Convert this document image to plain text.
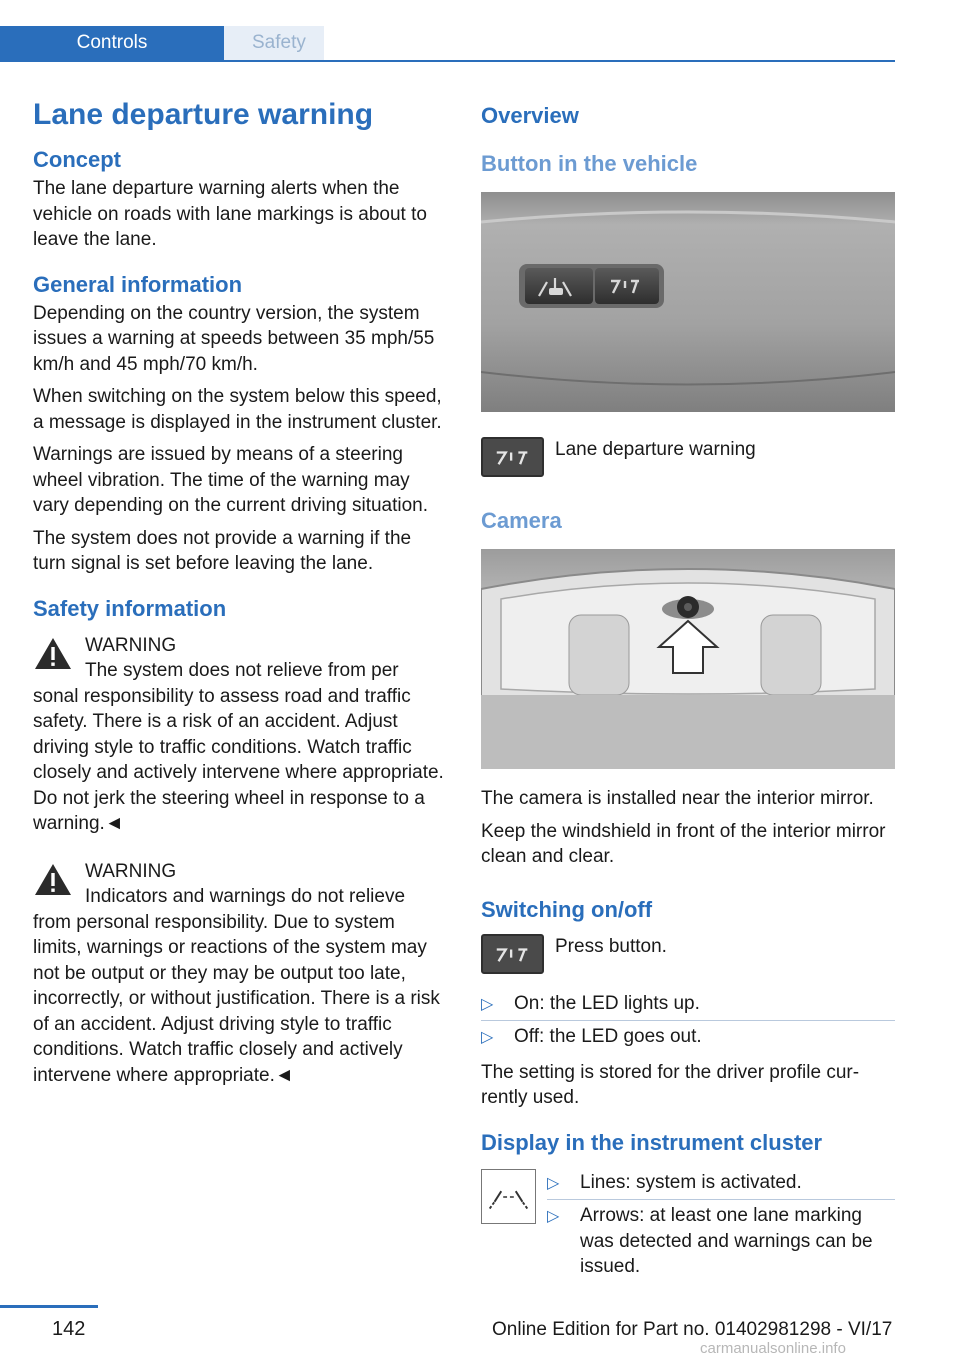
Controls	Safety
Lane departure warning
Concept

The lane departure warning alerts when the vehicle on roads with lane markings is about to leave the lane.

General information

Depending on the country version, the system issues a warning at speeds between 35 mph/55 km/h and 45 mph/70 km/h.

When switching on the system below this speed, a message is displayed in the instrument cluster.

Warnings are issued by means of a steering wheel vibration. The time of the warning may vary depending on the current driving situation.

The system does not provide a warning if the turn signal is set before leaving the lane.

Safety information
WARNING
The system does not relieve from per
sonal responsibility to assess road and traffic safety. There is a risk of an accident. Adjust driving style to traffic conditions. Watch traffic closely and actively intervene where appropriate. Do not jerk the steering wheel in response to a warning.◄
WARNING
Indicators and warnings do not relieve
from personal responsibility. Due to system limits, warnings or reactions of the system may not be output or they may be output too late, incorrectly, or without justification. There is a risk of an accident. Adjust driving style to traffic conditions. Watch traffic closely and actively intervene where appropriate.◄
Overview
Button in the vehicle
Lane departure warning
Camera

The camera is installed near the interior mirror.

Keep the windshield in front of the interior mirror clean and clear.

Switching on/off
Press button.
▷ On: the LED lights up.
▷ Off: the LED goes out.

The setting is stored for the driver profile currently used.

Display in the instrument cluster
▷ Lines: system is activated.
▷ Arrows: at least one lane marking was detected and warnings can be issued.
142	Online Edition for Part no. 01402981298 - VI/17
carmanualsonline.info
